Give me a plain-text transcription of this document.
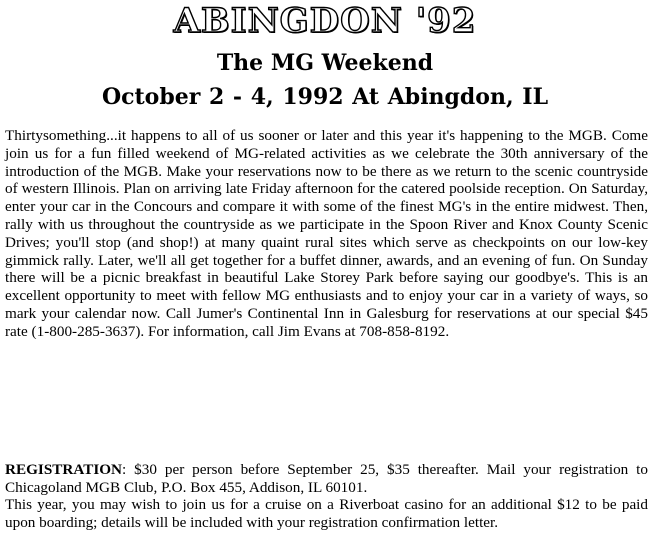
ABINGDON '92
The MG Weekend
October 2 - 4, 1992 At Abingdon, IL
Thirtysomething...it happens to all of us sooner or later and this year it's happening to the MGB. Come join us for a fun filled weekend of MG-related activities as we celebrate the 30th anniversary of the introduction of the MGB. Make your reservations now to be there as we return to the scenic countryside of western Illinois. Plan on arriving late Friday afternoon for the catered poolside reception. On Saturday, enter your car in the Concours and compare it with some of the finest MG's in the entire midwest. Then, rally with us throughout the countryside as we participate in the Spoon River and Knox County Scenic Drives; you'll stop (and shop!) at many quaint rural sites which serve as checkpoints on our low-key gimmick rally. Later, we'll all get together for a buffet dinner, awards, and an evening of fun. On Sunday there will be a picnic breakfast in beautiful Lake Storey Park before saying our goodbye's. This is an excellent opportunity to meet with fellow MG enthusiasts and to enjoy your car in a variety of ways, so mark your calendar now. Call Jumer's Continental Inn in Galesburg for reservations at our special $45 rate (1-800-285-3637). For information, call Jim Evans at 708-858-8192.
REGISTRATION: $30 per person before September 25, $35 thereafter. Mail your registration to Chicagoland MGB Club, P.O. Box 455, Addison, IL 60101.
This year, you may wish to join us for a cruise on a Riverboat casino for an additional $12 to be paid upon boarding; details will be included with your registration confirmation letter.
